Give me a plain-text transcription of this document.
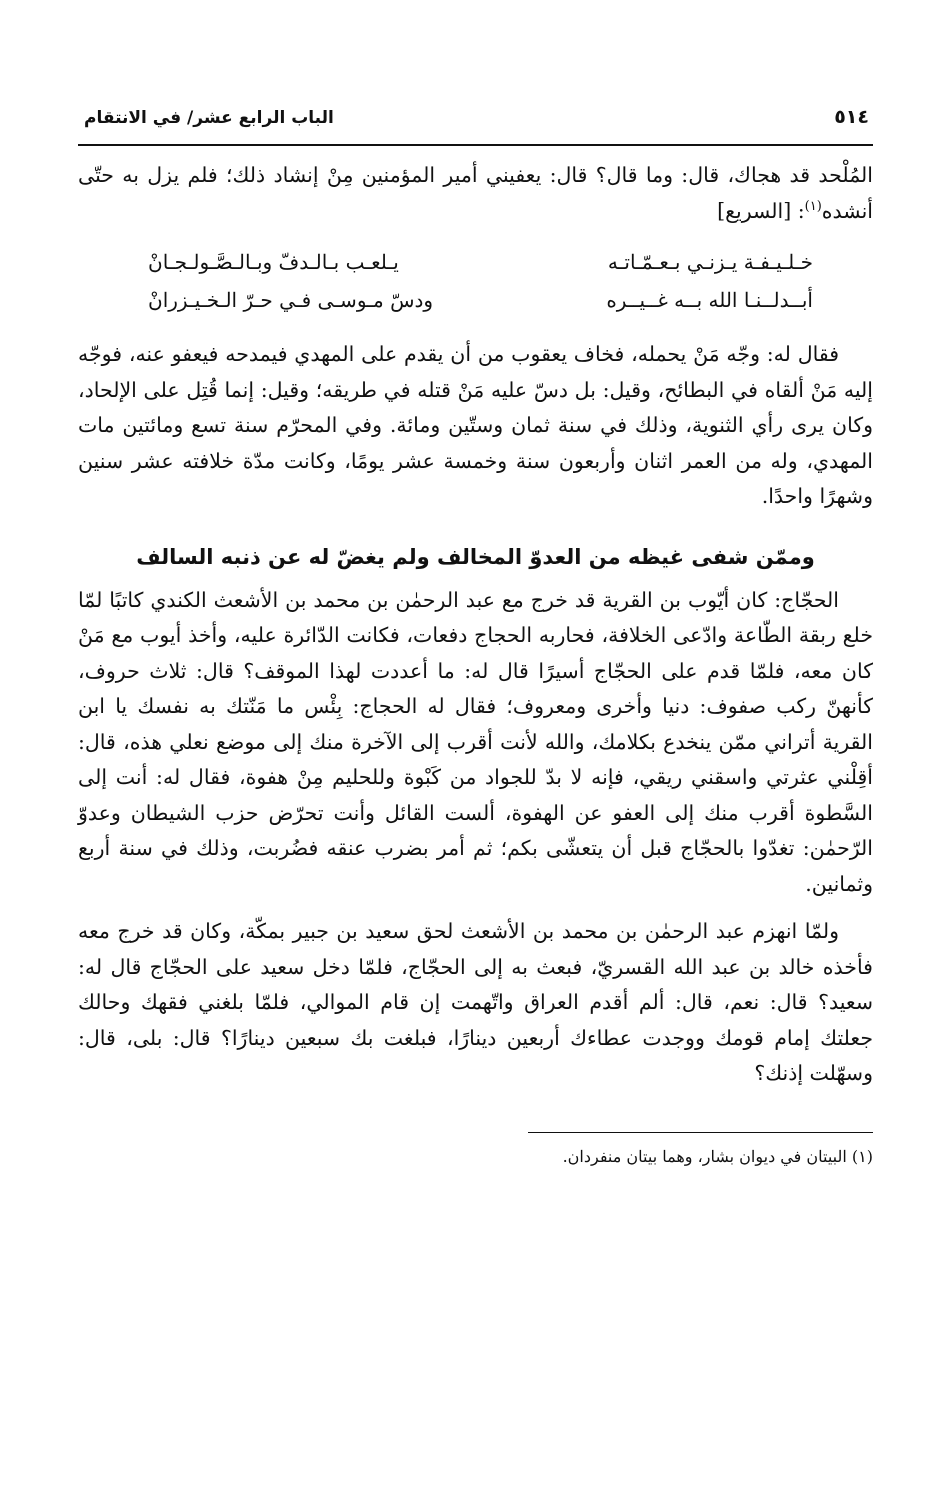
٥١٤
الباب الرابع عشر/ في الانتقام

المُلْحد قد هجاك، قال: وما قال؟ قال: يعفيني أمير المؤمنين مِنْ إنشاد ذلك؛ فلم يزل به حتّى أنشده$^{(١)}$: [السريع]

خـلـيـفـة يـزنـي بـعـمّـاتـه
يـلعـب بـالـدفّ وبـالـصَّـولـجـانْ
أبــدلــنـا الله بــه غــيــره
ودسّ مـوسـى فـي حـرّ الـخـيـزرانْ

فقال له: وجّه مَنْ يحمله، فخاف يعقوب من أن يقدم على المهدي فيمدحه فيعفو عنه، فوجّه إليه مَنْ ألقاه في البطائح، وقيل: بل دسّ عليه مَنْ قتله في طريقه؛ وقيل: إنما قُتِل على الإلحاد، وكان يرى رأي الثنوية، وذلك في سنة ثمان وستّين ومائة. وفي المحرّم سنة تسع ومائتين مات المهدي، وله من العمر اثنان وأربعون سنة وخمسة عشر يومًا، وكانت مدّة خلافته عشر سنين وشهرًا واحدًا.

وممّن شفى غيظه من العدوّ المخالف ولم يغضّ له عن ذنبه السالف

الحجّاج: كان أيّوب بن القرية قد خرج مع عبد الرحمٰن بن محمد بن الأشعث الكندي كاتبًا لمّا خلع ربقة الطّاعة وادّعى الخلافة، فحاربه الحجاج دفعات، فكانت الدّائرة عليه، وأخذ أيوب مع مَنْ كان معه، فلمّا قدم على الحجّاج أسيرًا قال له: ما أعددت لهذا الموقف؟ قال: ثلاث حروف، كأنهنّ ركب صفوف: دنيا وأخرى ومعروف؛ فقال له الحجاج: بِئْس ما مَنّتك به نفسك يا ابن القرية أتراني ممّن ينخدع بكلامك، والله لأنت أقرب إلى الآخرة منك إلى موضع نعلي هذه، قال: أقِلْني عثرتي واسقني ريقي، فإنه لا بدّ للجواد من كَبْوة وللحليم مِنْ هفوة، فقال له: أنت إلى السَّطوة أقرب منك إلى العفو عن الهفوة، ألست القائل وأنت تحرّض حزب الشيطان وعدوّ الرّحمٰن: تغدّوا بالحجّاج قبل أن يتعشّى بكم؛ ثم أمر بضرب عنقه فضُربت، وذلك في سنة أربع وثمانين.

ولمّا انهزم عبد الرحمٰن بن محمد بن الأشعث لحق سعيد بن جبير بمكّة، وكان قد خرج معه فأخذه خالد بن عبد الله القسريّ، فبعث به إلى الحجّاج، فلمّا دخل سعيد على الحجّاج قال له: سعيد؟ قال: نعم، قال: ألم أقدم العراق واتّهمت إن قام الموالي، فلمّا بلغني فقهك وحالك جعلتك إمام قومك ووجدت عطاءك أربعين دينارًا، فبلغت بك سبعين دينارًا؟ قال: بلى، قال: وسهّلت إذنك؟

(١) البيتان في ديوان بشار، وهما بيتان منفردان.
